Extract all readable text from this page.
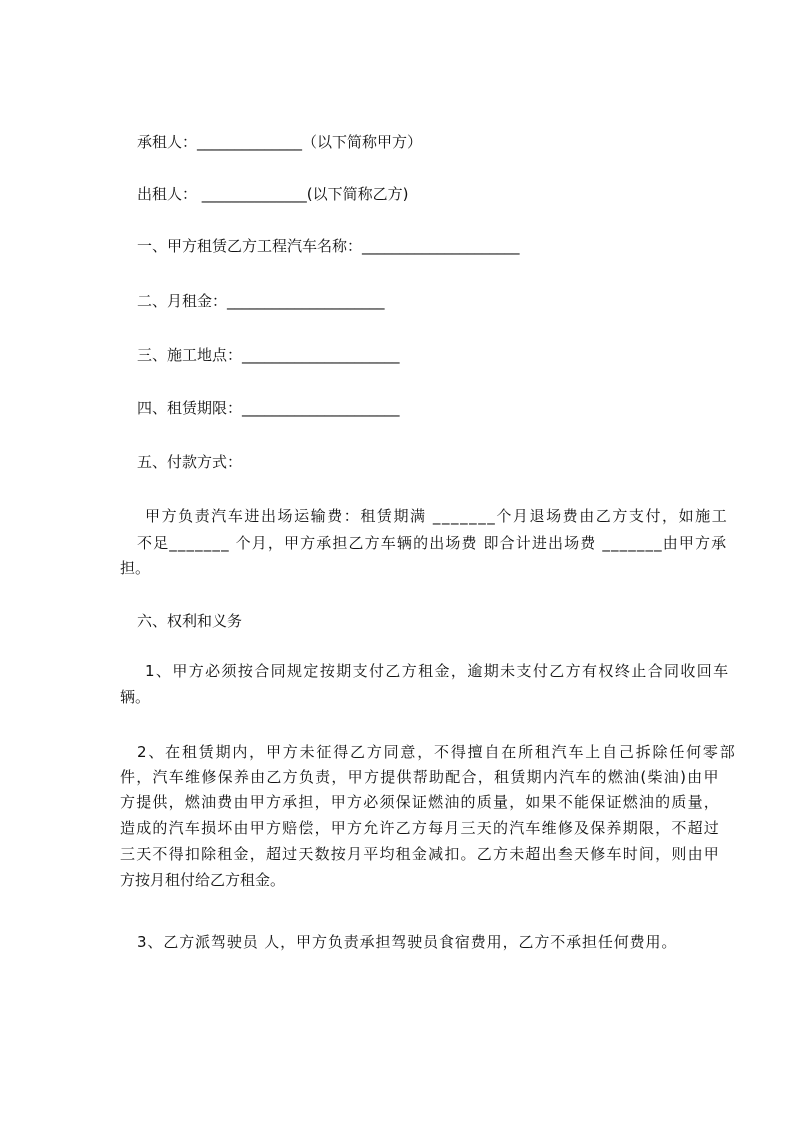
承租人：______________（以下简称甲方）
出租人： ______________(以下简称乙方)
一、甲方租赁乙方工程汽车名称：_____________________
二、月租金：_____________________
三、施工地点：_____________________
四、租赁期限：_____________________
五、付款方式：
甲方负责汽车进出场运输费：租赁期满 _______个月退场费由乙方支付，如施工
不足_______ 个月，甲方承担乙方车辆的出场费 即合计进出场费 _______由甲方承
担。
六、权利和义务
1、甲方必须按合同规定按期支付乙方租金，逾期未支付乙方有权终止合同收回车
辆。
2、在租赁期内，甲方未征得乙方同意，不得擅自在所租汽车上自己拆除任何零部
件，汽车维修保养由乙方负责，甲方提供帮助配合，租赁期内汽车的燃油(柴油)由甲
方提供，燃油费由甲方承担，甲方必须保证燃油的质量，如果不能保证燃油的质量，
造成的汽车损坏由甲方赔偿，甲方允许乙方每月三天的汽车维修及保养期限，不超过
三天不得扣除租金，超过天数按月平均租金减扣。乙方未超出叁天修车时间，则由甲
方按月租付给乙方租金。
3、乙方派驾驶员 人，甲方负责承担驾驶员食宿费用，乙方不承担任何费用。
